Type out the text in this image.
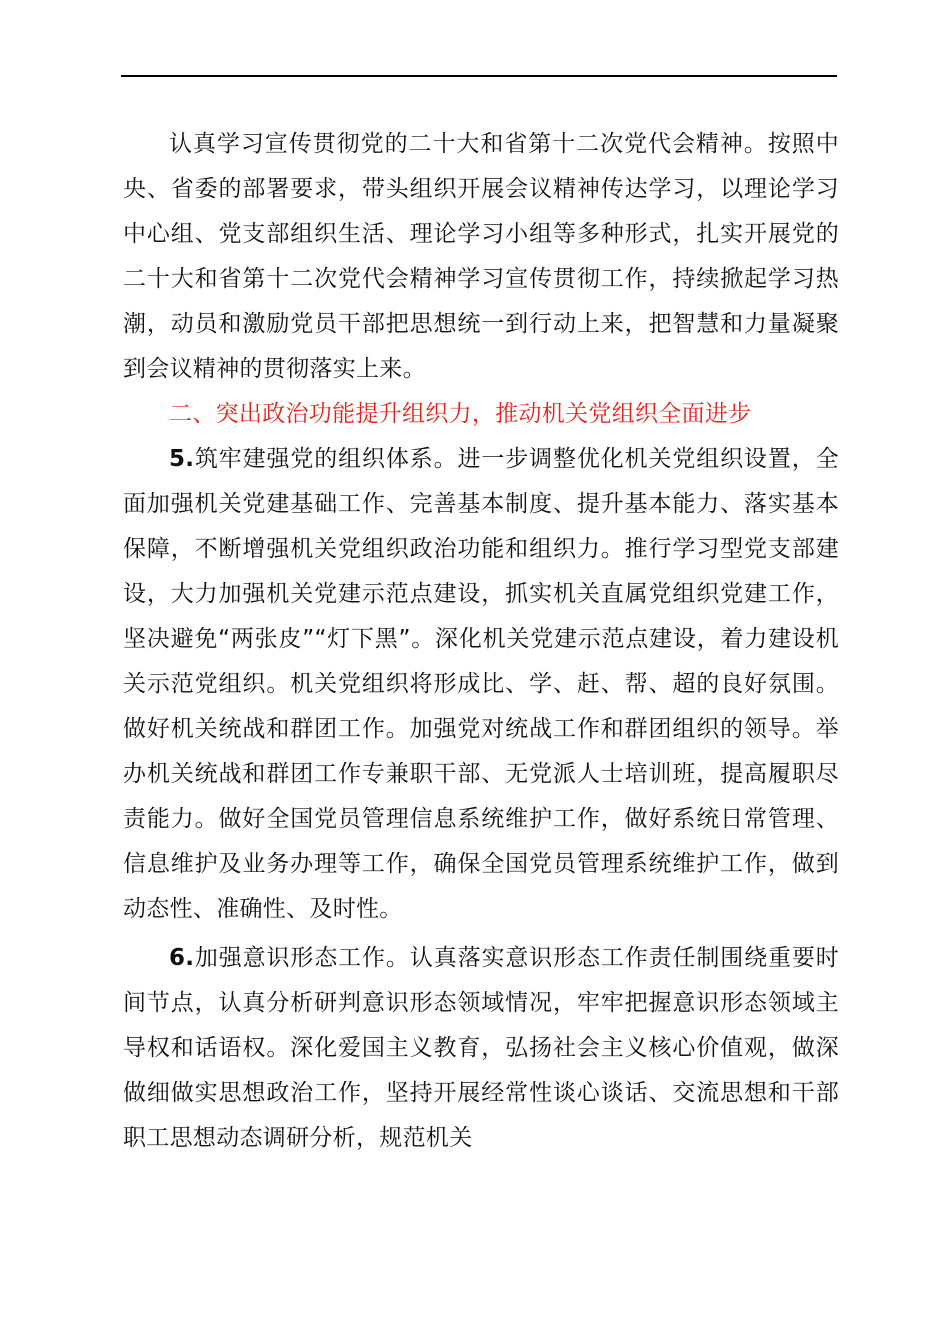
认真学习宣传贯彻党的二十大和省第十二次党代会精神。按照中央、省委的部署要求，带头组织开展会议精神传达学习，以理论学习中心组、党支部组织生活、理论学习小组等多种形式，扎实开展党的二十大和省第十二次党代会精神学习宣传贯彻工作，持续掀起学习热潮，动员和激励党员干部把思想统一到行动上来，把智慧和力量凝聚到会议精神的贯彻落实上来。

二、突出政治功能提升组织力，推动机关党组织全面进步

5.筑牢建强党的组织体系。进一步调整优化机关党组织设置，全面加强机关党建基础工作、完善基本制度、提升基本能力、落实基本保障，不断增强机关党组织政治功能和组织力。推行学习型党支部建设，大力加强机关党建示范点建设，抓实机关直属党组织党建工作，坚决避免“两张皮”“灯下黑”。深化机关党建示范点建设，着力建设机关示范党组织。机关党组织将形成比、学、赶、帮、超的良好氛围。做好机关统战和群团工作。加强党对统战工作和群团组织的领导。举办机关统战和群团工作专兼职干部、无党派人士培训班，提高履职尽责能力。做好全国党员管理信息系统维护工作，做好系统日常管理、信息维护及业务办理等工作，确保全国党员管理系统维护工作，做到动态性、准确性、及时性。

6.加强意识形态工作。认真落实意识形态工作责任制围绕重要时间节点，认真分析研判意识形态领域情况，牢牢把握意识形态领域主导权和话语权。深化爱国主义教育，弘扬社会主义核心价值观，做深做细做实思想政治工作，坚持开展经常性谈心谈话、交流思想和干部职工思想动态调研分析，规范机关
